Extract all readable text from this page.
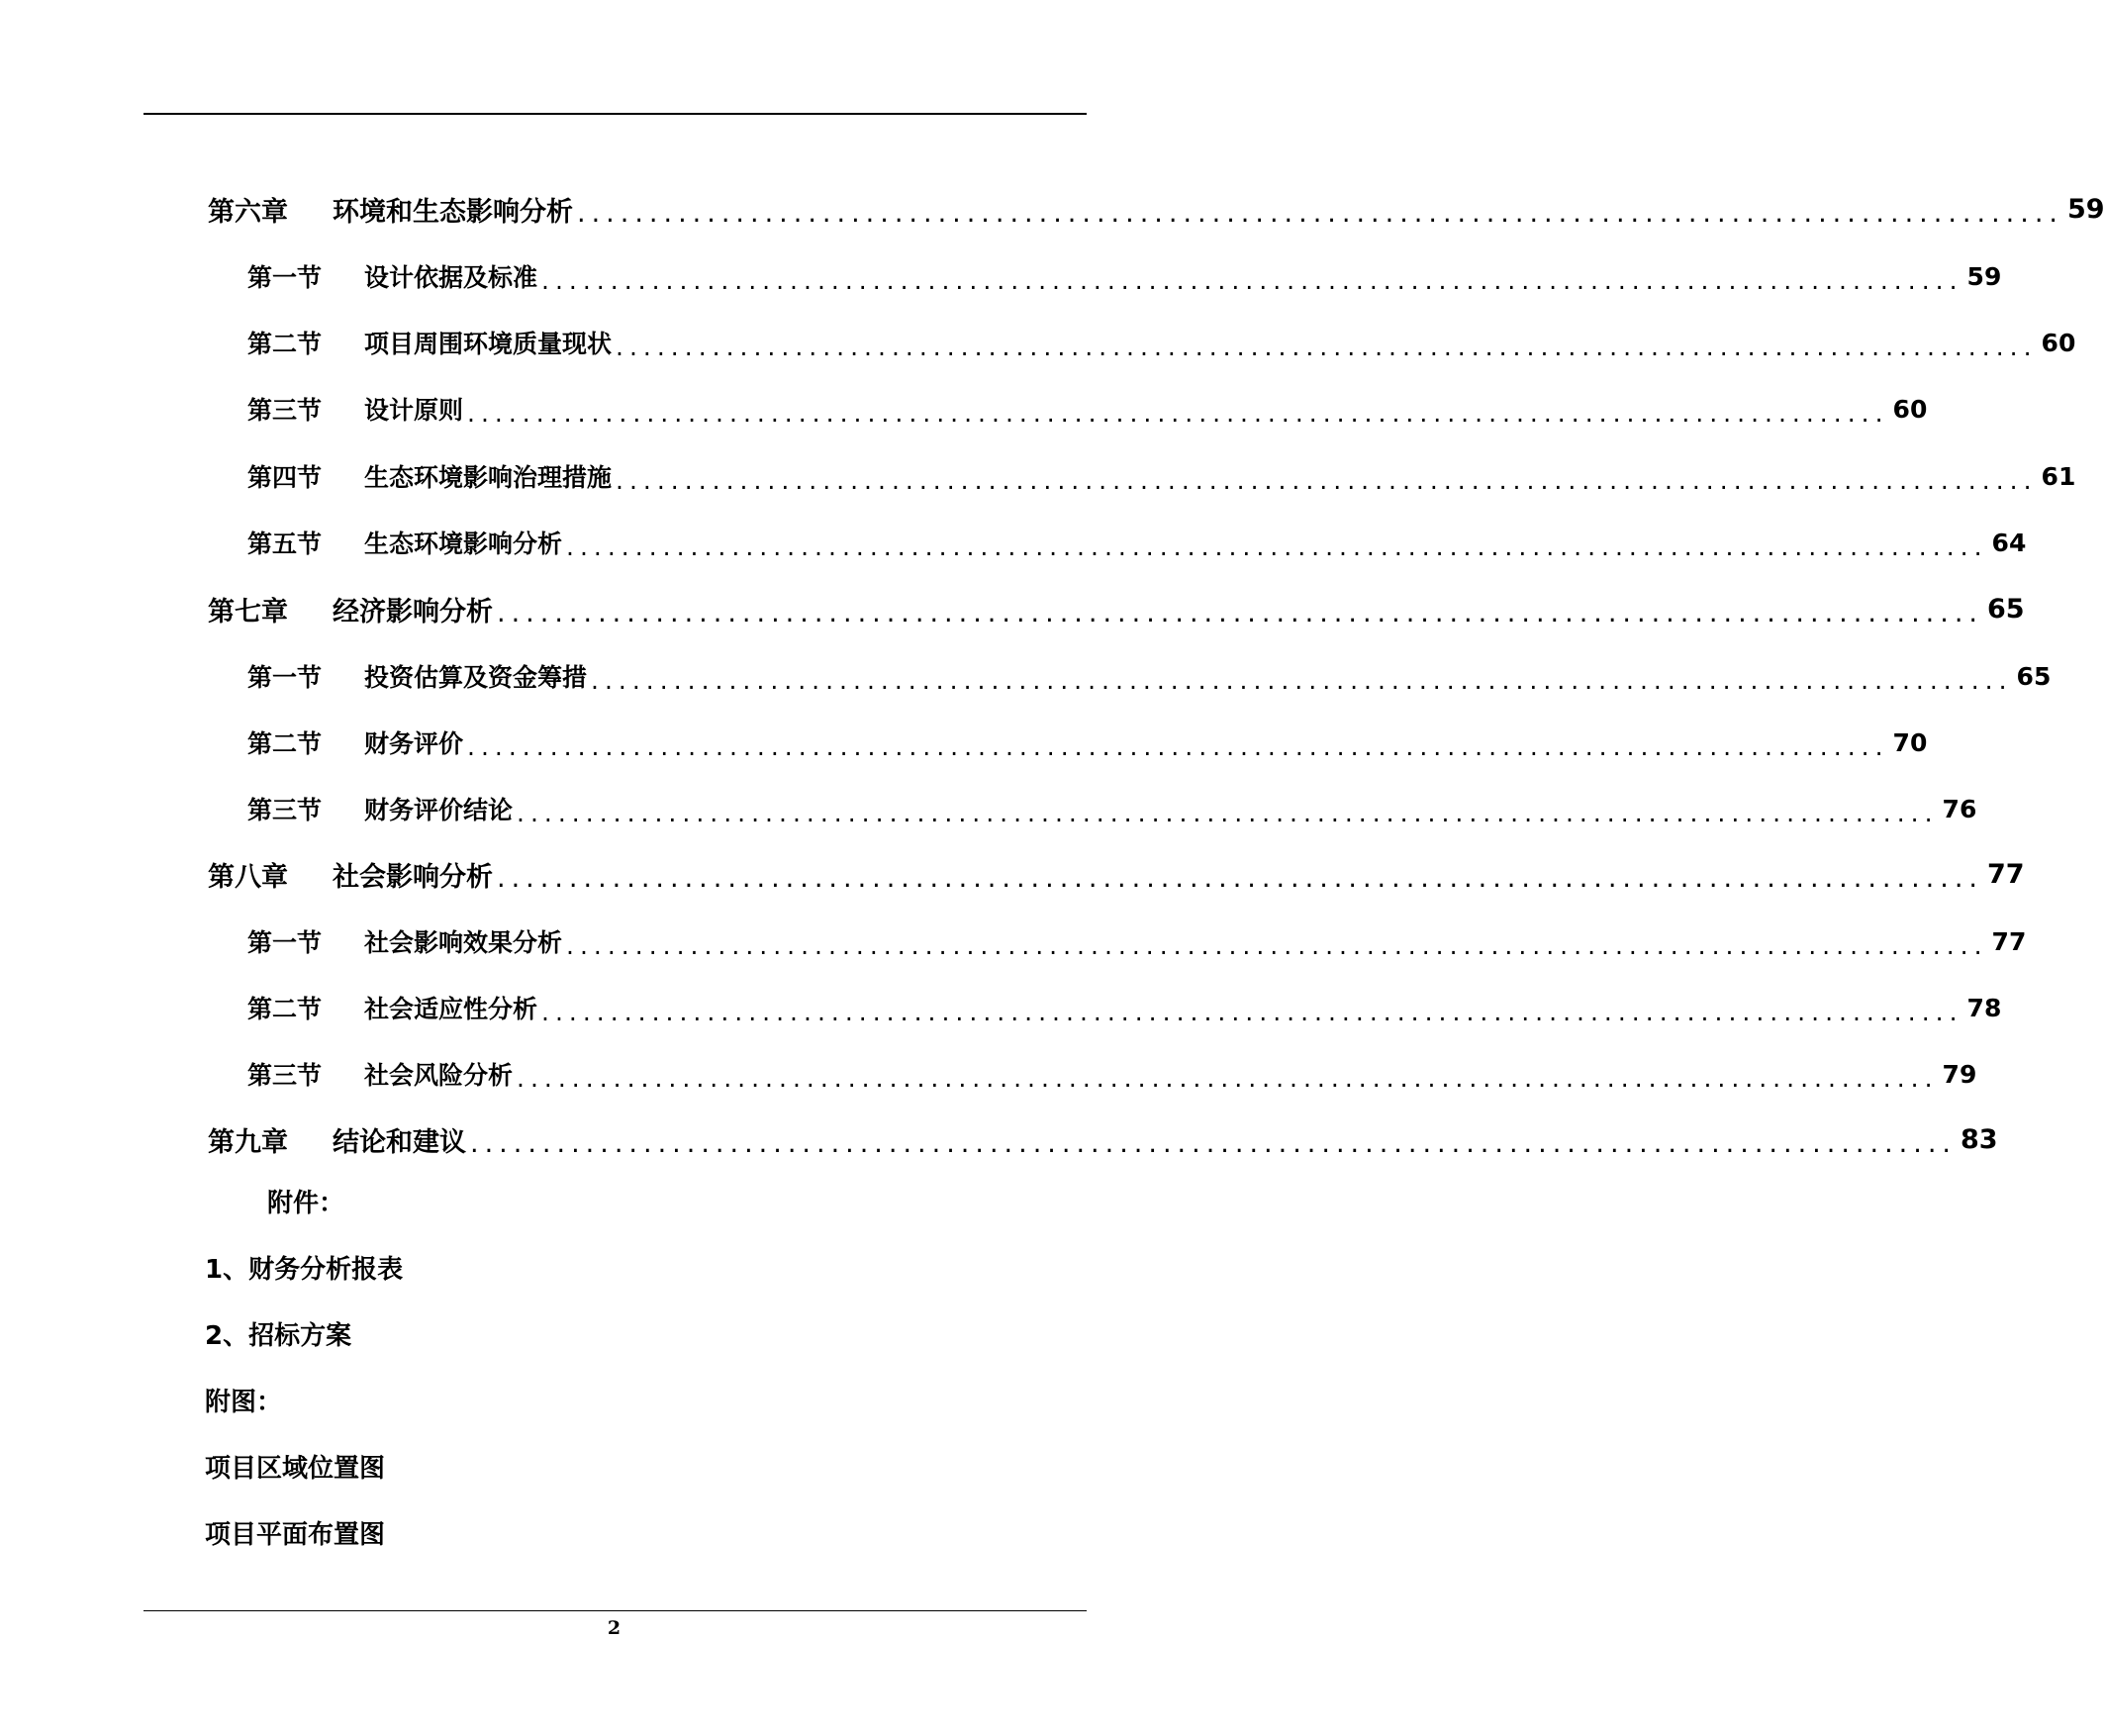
第六章	环境和生态影响分析 ....................................................................................................... 59
第一节	设计依据及标准 ....................................................................................................... 59
第二节	项目周围环境质量现状 ....................................................................................................... 60
第三节	设计原则 ....................................................................................................... 60
第四节	生态环境影响治理措施 ....................................................................................................... 61
第五节	生态环境影响分析 ....................................................................................................... 64
第七章	经济影响分析 ....................................................................................................... 65
第一节	投资估算及资金筹措 ....................................................................................................... 65
第二节	财务评价 ....................................................................................................... 70
第三节	财务评价结论 ....................................................................................................... 76
第八章	社会影响分析 ....................................................................................................... 77
第一节	社会影响效果分析 ....................................................................................................... 77
第二节	社会适应性分析 ....................................................................................................... 78
第三节	社会风险分析 ....................................................................................................... 79
第九章	结论和建议 ....................................................................................................... 83
附件：
1、财务分析报表
2、招标方案
附图：
项目区域位置图
项目平面布置图
2
